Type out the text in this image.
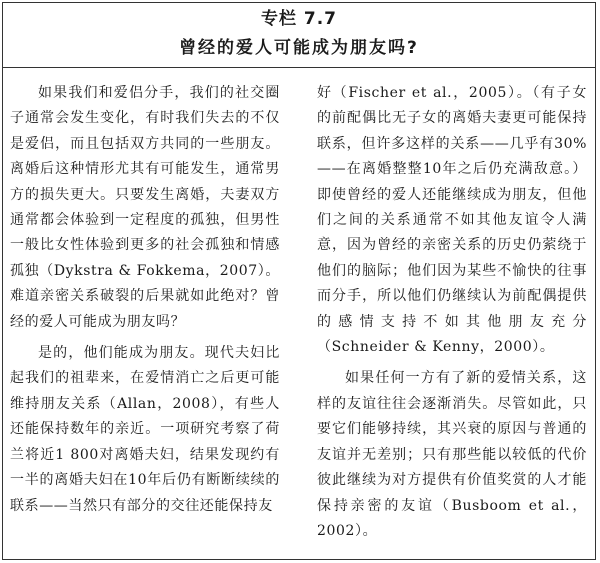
专栏 7.7
曾经的爱人可能成为朋友吗?

如果我们和爱侣分手，我们的社交圈子通常会发生变化，有时我们失去的不仅是爱侣，而且包括双方共同的一些朋友。离婚后这种情形尤其有可能发生，通常男方的损失更大。只要发生离婚，夫妻双方通常都会体验到一定程度的孤独，但男性一般比女性体验到更多的社会孤独和情感孤独（Dykstra & Fokkema，2007）。难道亲密关系破裂的后果就如此绝对？曾经的爱人可能成为朋友吗？

是的，他们能成为朋友。现代夫妇比起我们的祖辈来，在爱情消亡之后更可能维持朋友关系（Allan，2008），有些人还能保持数年的亲近。一项研究考察了荷兰将近1 800对离婚夫妇，结果发现约有一半的离婚夫妇在10年后仍有断断续续的联系——当然只有部分的交往还能保持友

好（Fischer et al.，2005）。（有子女的前配偶比无子女的离婚夫妻更可能保持联系，但许多这样的关系——几乎有30%——在离婚整整10年之后仍充满敌意。）即使曾经的爱人还能继续成为朋友，但他们之间的关系通常不如其他友谊令人满意，因为曾经的亲密关系的历史仍萦绕于他们的脑际；他们因为某些不愉快的往事而分手，所以他们仍继续认为前配偶提供的感情支持不如其他朋友充分（Schneider & Kenny，2000）。

如果任何一方有了新的爱情关系，这样的友谊往往会逐渐消失。尽管如此，只要它们能够持续，其兴衰的原因与普通的友谊并无差别；只有那些能以较低的代价彼此继续为对方提供有价值奖赏的人才能保持亲密的友谊（Busboom et al.，2002）。
